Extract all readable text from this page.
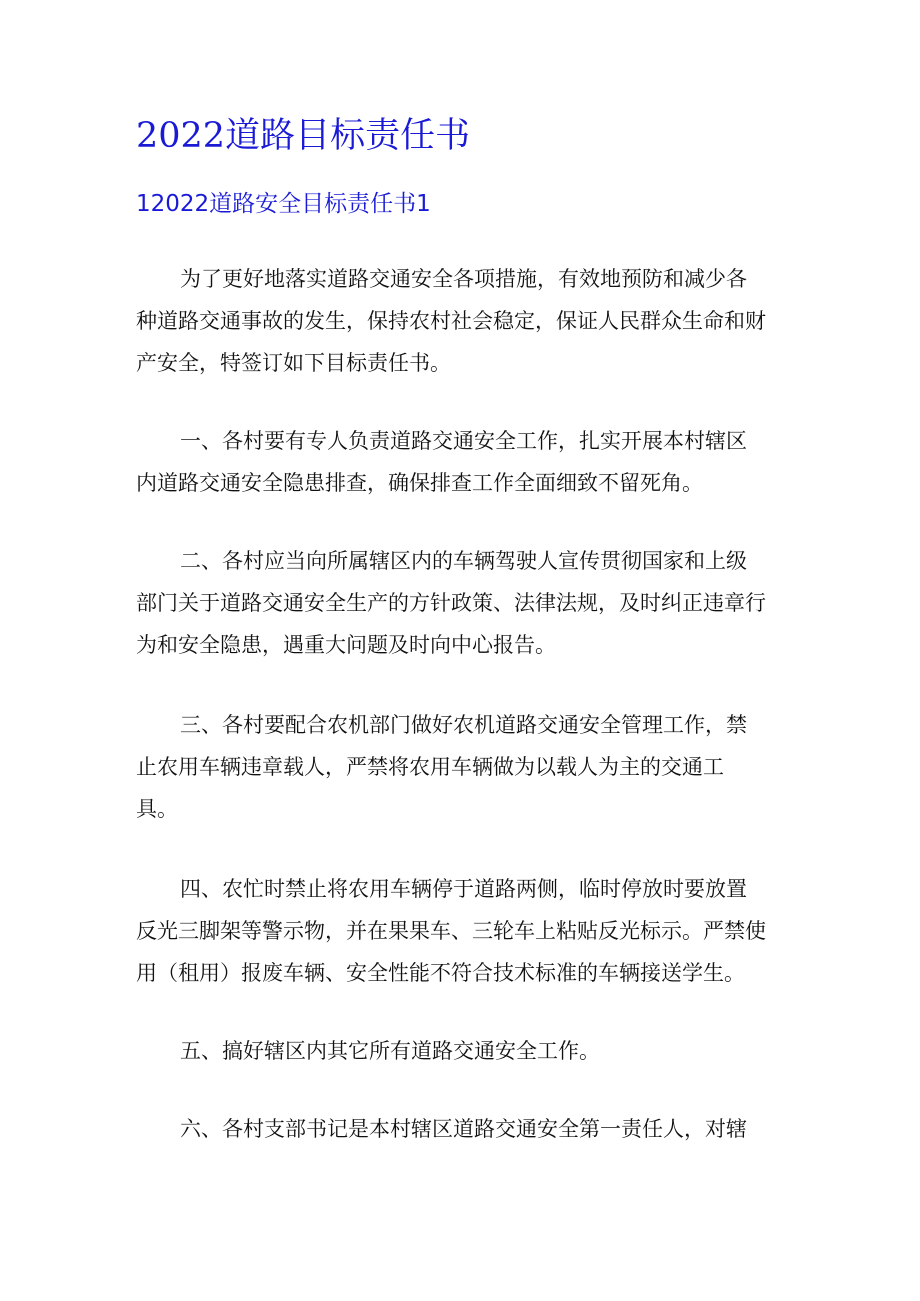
2022道路目标责任书
12022道路安全目标责任书1

为了更好地落实道路交通安全各项措施，有效地预防和减少各
种道路交通事故的发生，保持农村社会稳定，保证人民群众生命和财
产安全，特签订如下目标责任书。

一、各村要有专人负责道路交通安全工作，扎实开展本村辖区
内道路交通安全隐患排查，确保排查工作全面细致不留死角。

二、各村应当向所属辖区内的车辆驾驶人宣传贯彻国家和上级
部门关于道路交通安全生产的方针政策、法律法规，及时纠正违章行
为和安全隐患，遇重大问题及时向中心报告。

三、各村要配合农机部门做好农机道路交通安全管理工作，禁
止农用车辆违章载人，严禁将农用车辆做为以载人为主的交通工
具。

四、农忙时禁止将农用车辆停于道路两侧，临时停放时要放置
反光三脚架等警示物，并在果果车、三轮车上粘贴反光标示。严禁使
用（租用）报废车辆、安全性能不符合技术标准的车辆接送学生。

五、搞好辖区内其它所有道路交通安全工作。

六、各村支部书记是本村辖区道路交通安全第一责任人，对辖
